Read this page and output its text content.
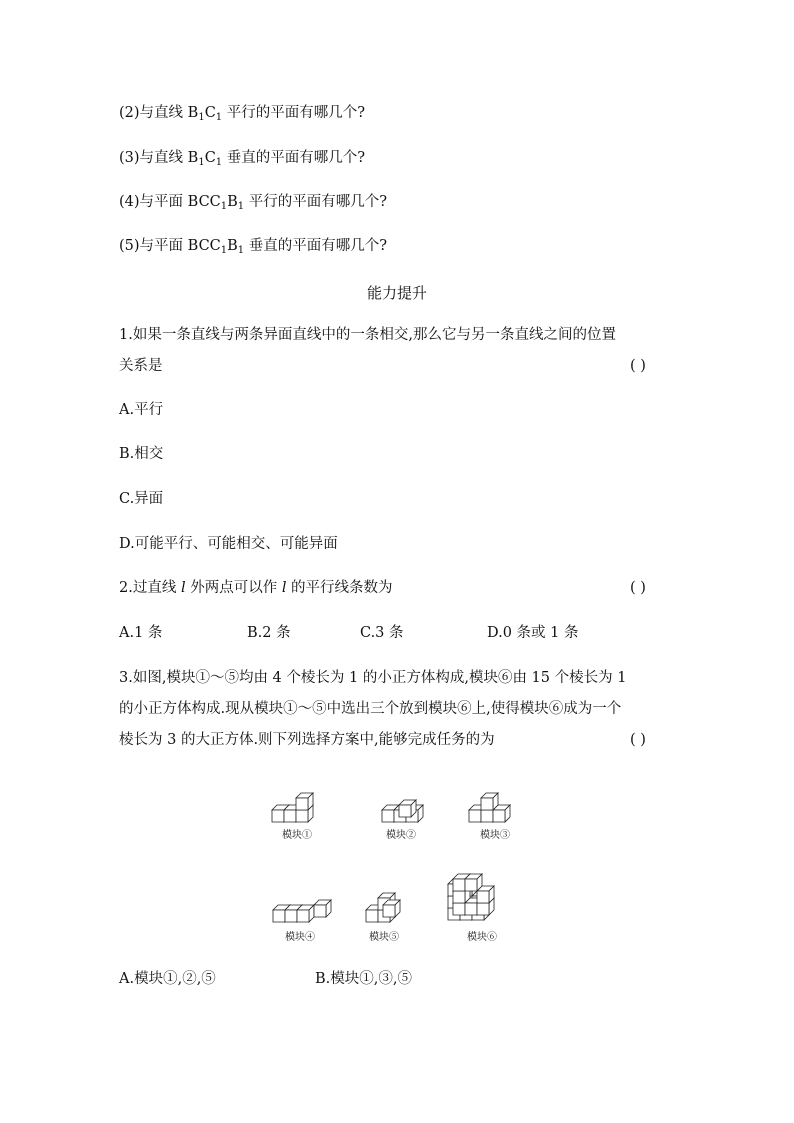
(2)与直线 $B_1C_1$ 平行的平面有哪几个?
(3)与直线 $B_1C_1$ 垂直的平面有哪几个?
(4)与平面 $BCC_1B_1$ 平行的平面有哪几个?
(5)与平面 $BCC_1B_1$ 垂直的平面有哪几个?
能力提升
1.如果一条直线与两条异面直线中的一条相交,那么它与另一条直线之间的位置
关系是	( )
A.平行
B.相交
C.异面
D.可能平行、可能相交、可能异面
2.过直线 l 外两点可以作 l 的平行线条数为	( )
A.1 条	B.2 条	C.3 条	D.0 条或 1 条
3.如图,模块①～⑤均由 4 个棱长为 1 的小正方体构成,模块⑥由 15 个棱长为 1
的小正方体构成.现从模块①～⑤中选出三个放到模块⑥上,使得模块⑥成为一个
棱长为 3 的大正方体.则下列选择方案中,能够完成任务的为	( )
模块①	模块②	模块③
模块④	模块⑤	模块⑥
A.模块①,②,⑤	B.模块①,③,⑤
